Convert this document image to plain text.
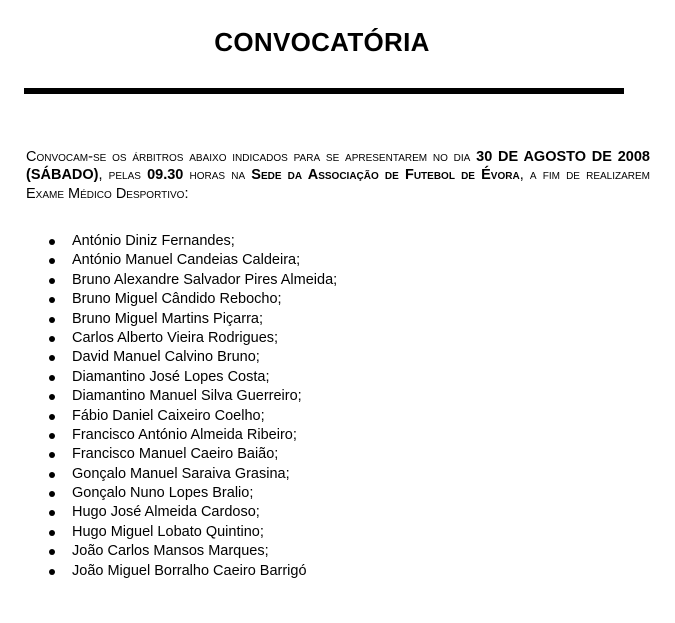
CONVOCATÓRIA

Convocam-se os árbitros abaixo indicados para se apresentarem no dia 30 DE AGOSTO DE 2008 (SÁBADO), pelas 09.30 horas na Sede da Associação de Futebol de Évora, a fim de realizarem Exame Médico Desportivo:

António Diniz Fernandes;
António Manuel Candeias Caldeira;
Bruno Alexandre Salvador Pires Almeida;
Bruno Miguel Cândido Rebocho;
Bruno Miguel Martins Piçarra;
Carlos Alberto Vieira Rodrigues;
David Manuel Calvino Bruno;
Diamantino José Lopes Costa;
Diamantino Manuel Silva Guerreiro;
Fábio Daniel Caixeiro Coelho;
Francisco António Almeida Ribeiro;
Francisco Manuel Caeiro Baião;
Gonçalo Manuel Saraiva Grasina;
Gonçalo Nuno Lopes Bralio;
Hugo José Almeida Cardoso;
Hugo Miguel Lobato Quintino;
João Carlos Mansos Marques;
João Miguel Borralho Caeiro Barrigó
